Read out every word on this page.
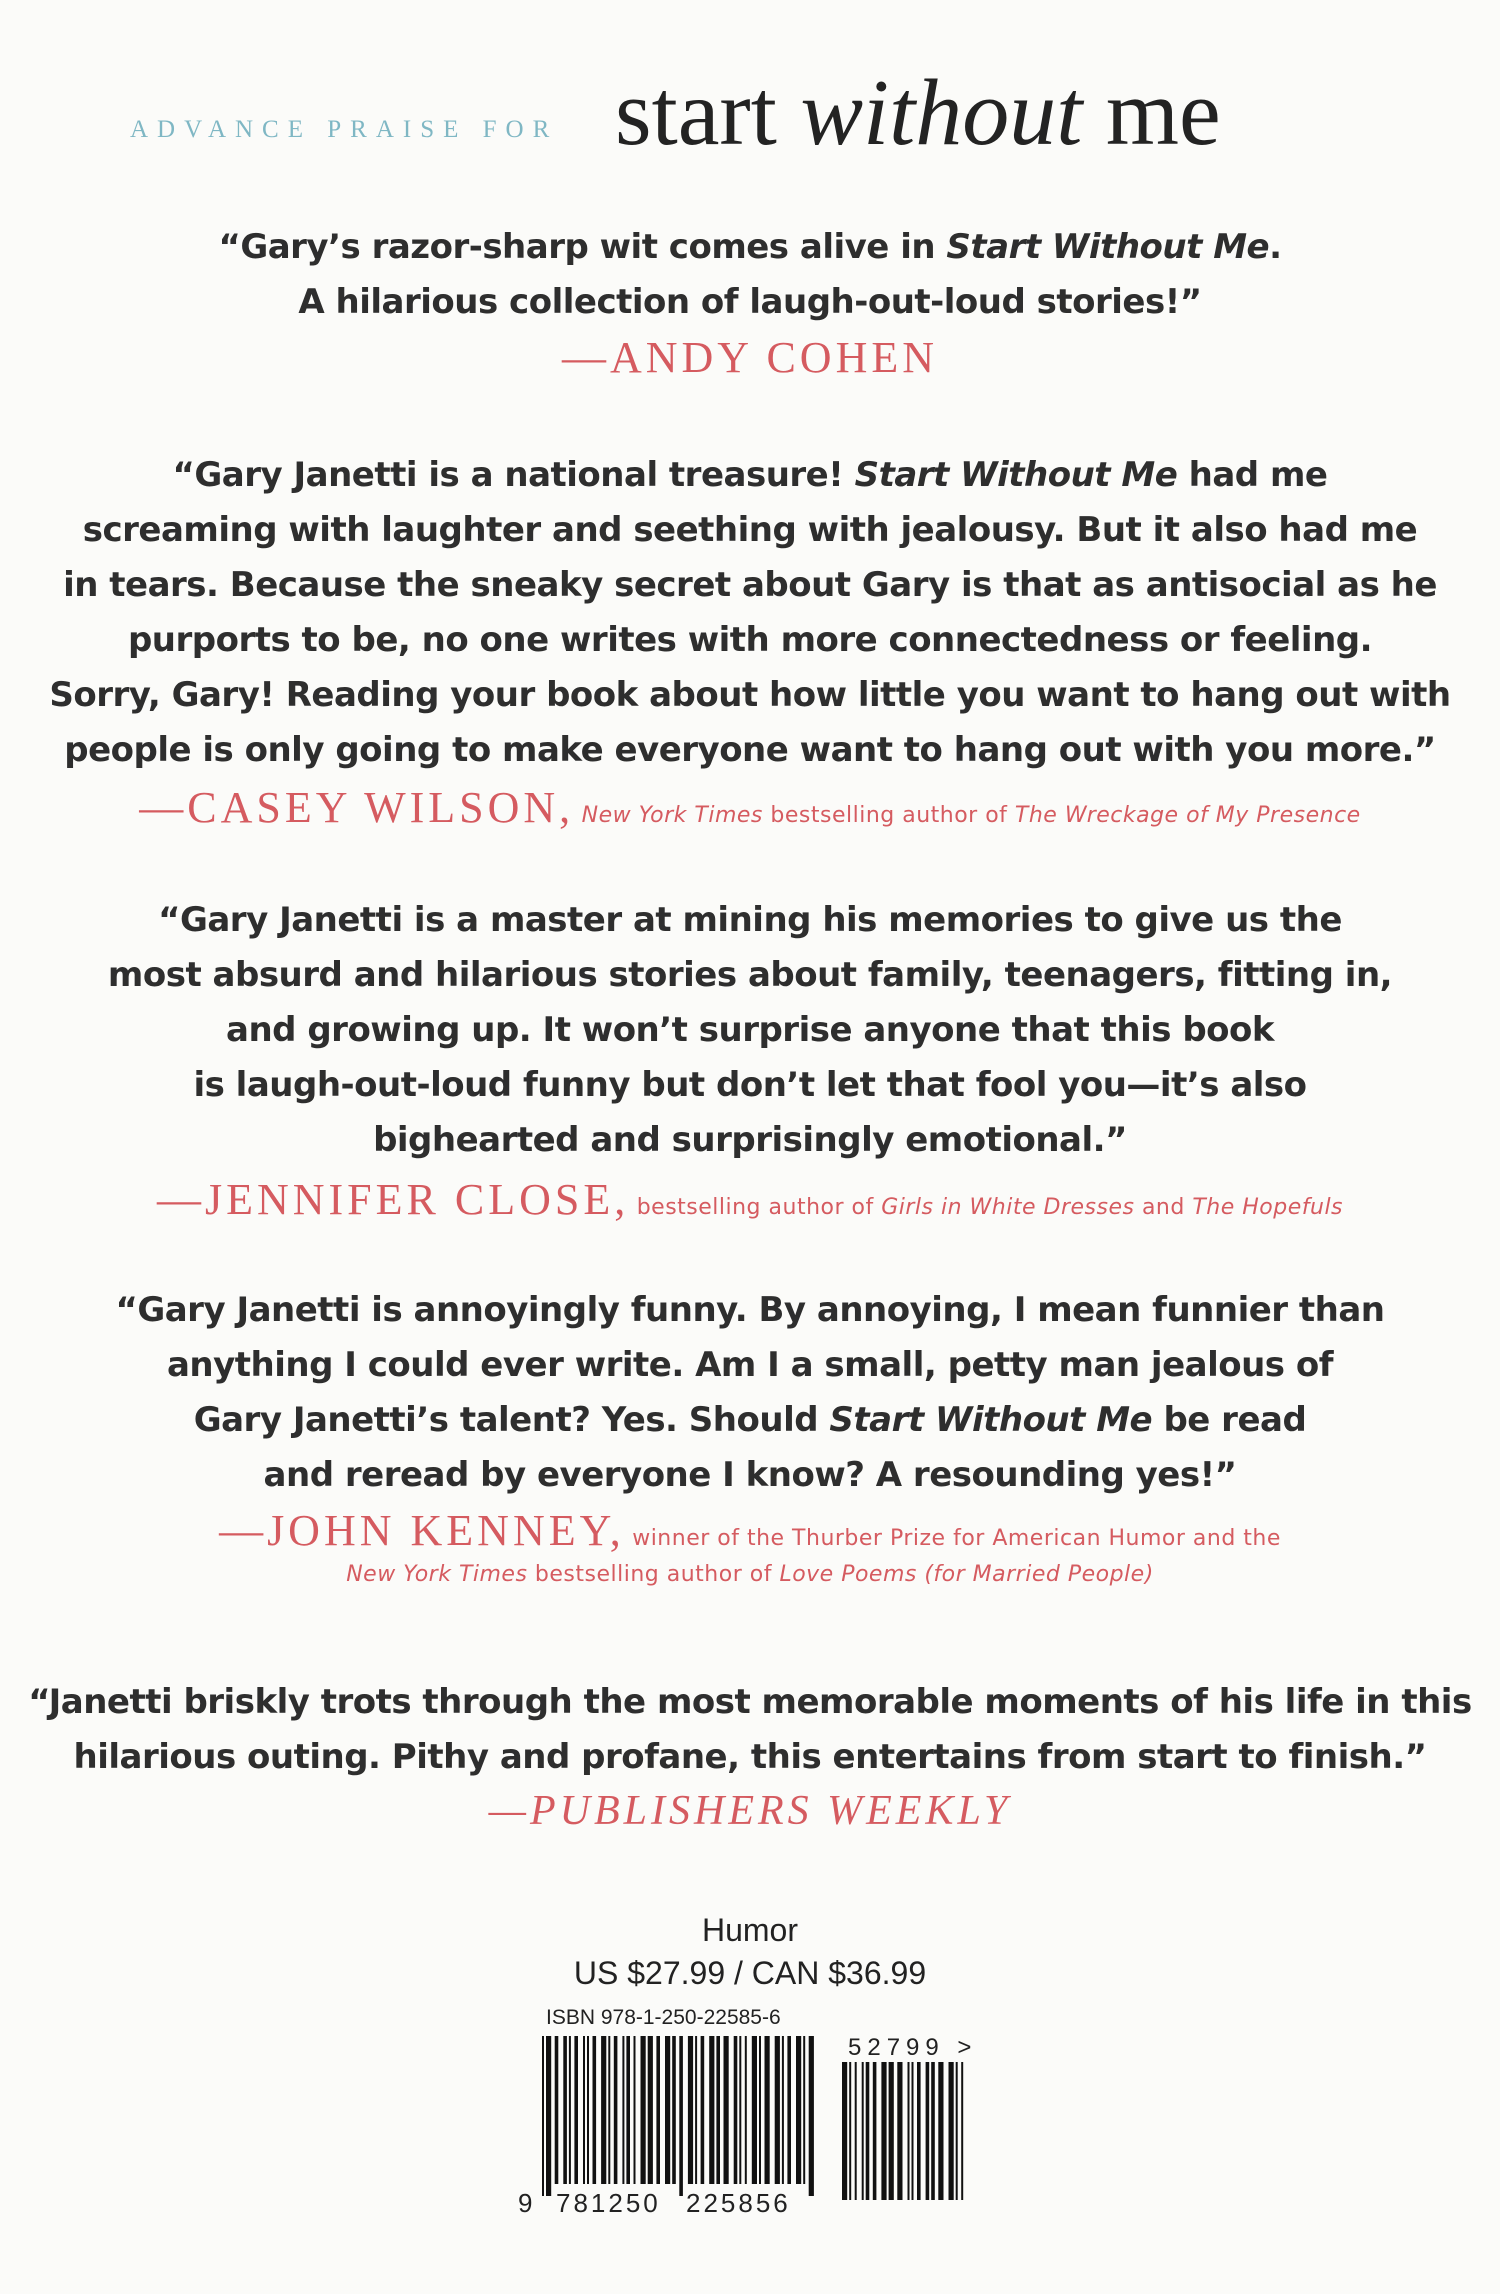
ADVANCE PRAISE FOR start without me
“Gary’s razor-sharp wit comes alive in Start Without Me.
A hilarious collection of laugh-out-loud stories!”
—ANDY COHEN
“Gary Janetti is a national treasure! Start Without Me had me
screaming with laughter and seething with jealousy. But it also had me
in tears. Because the sneaky secret about Gary is that as antisocial as he
purports to be, no one writes with more connectedness or feeling.
Sorry, Gary! Reading your book about how little you want to hang out with
people is only going to make everyone want to hang out with you more.”
—CASEY WILSON, New York Times bestselling author of The Wreckage of My Presence
“Gary Janetti is a master at mining his memories to give us the
most absurd and hilarious stories about family, teenagers, fitting in,
and growing up. It won’t surprise anyone that this book
is laugh-out-loud funny but don’t let that fool you—it’s also
bighearted and surprisingly emotional.”
—JENNIFER CLOSE, bestselling author of Girls in White Dresses and The Hopefuls
“Gary Janetti is annoyingly funny. By annoying, I mean funnier than
anything I could ever write. Am I a small, petty man jealous of
Gary Janetti’s talent? Yes. Should Start Without Me be read
and reread by everyone I know? A resounding yes!”
—JOHN KENNEY, winner of the Thurber Prize for American Humor and the
New York Times bestselling author of Love Poems (for Married People)
“Janetti briskly trots through the most memorable moments of his life in this
hilarious outing. Pithy and profane, this entertains from start to finish.”
—PUBLISHERS WEEKLY
Humor
US $27.99 / CAN $36.99
ISBN 978-1-250-22585-6
52799 >
9 781250 225856
